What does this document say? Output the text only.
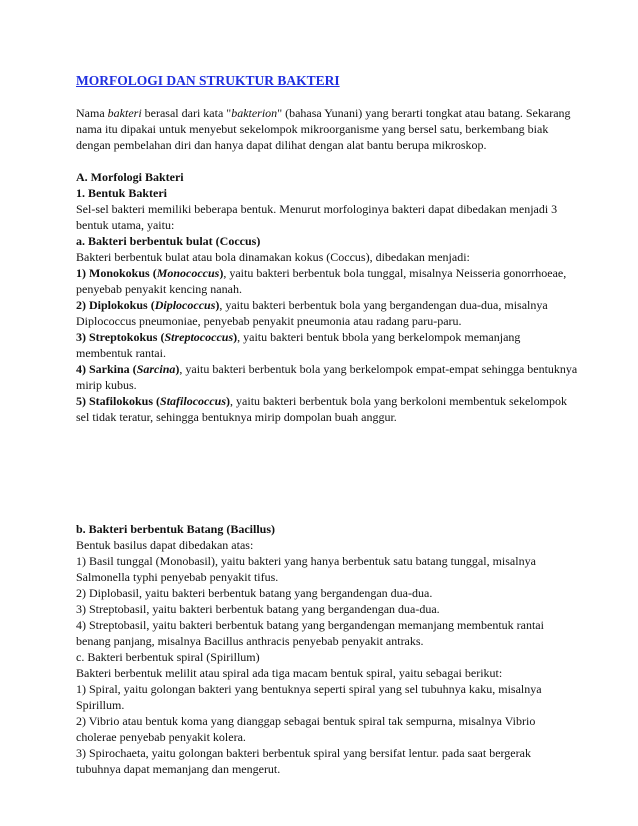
MORFOLOGI DAN STRUKTUR BAKTERI

Nama bakteri berasal dari kata "bakterion" (bahasa Yunani) yang berarti tongkat atau batang. Sekarang nama itu dipakai untuk menyebut sekelompok mikroorganisme yang bersel satu, berkembang biak dengan pembelahan diri dan hanya dapat dilihat dengan alat bantu berupa mikroskop.

A. Morfologi Bakteri

1. Bentuk Bakteri

Sel-sel bakteri memiliki beberapa bentuk. Menurut morfologinya bakteri dapat dibedakan menjadi 3 bentuk utama, yaitu:

a. Bakteri berbentuk bulat (Coccus)

Bakteri berbentuk bulat atau bola dinamakan kokus (Coccus), dibedakan menjadi:

1) Monokokus (Monococcus), yaitu bakteri berbentuk bola tunggal, misalnya Neisseria gonorrhoeae, penyebab penyakit kencing nanah.

2) Diplokokus (Diplococcus), yaitu bakteri berbentuk bola yang bergandengan dua-dua, misalnya Diplococcus pneumoniae, penyebab penyakit pneumonia atau radang paru-paru.

3) Streptokokus (Streptococcus), yaitu bakteri bentuk bbola yang berkelompok memanjang membentuk rantai.

4) Sarkina (Sarcina), yaitu bakteri berbentuk bola yang berkelompok empat-empat sehingga bentuknya mirip kubus.

5) Stafilokokus (Stafilococcus), yaitu bakteri berbentuk bola yang berkoloni membentuk sekelompok sel tidak teratur, sehingga bentuknya mirip dompolan buah anggur.

b. Bakteri berbentuk Batang (Bacillus)

Bentuk basilus dapat dibedakan atas:

1) Basil tunggal (Monobasil), yaitu bakteri yang hanya berbentuk satu batang tunggal, misalnya Salmonella typhi penyebab penyakit tifus.

2) Diplobasil, yaitu bakteri berbentuk batang yang bergandengan dua-dua.

3) Streptobasil, yaitu bakteri berbentuk batang yang bergandengan dua-dua.

4) Streptobasil, yaitu bakteri berbentuk batang yang bergandengan memanjang membentuk rantai benang panjang, misalnya Bacillus anthracis penyebab penyakit antraks.

c. Bakteri berbentuk spiral (Spirillum)

Bakteri berbentuk melilit atau spiral ada tiga macam bentuk spiral, yaitu sebagai berikut:

1) Spiral, yaitu golongan bakteri yang bentuknya seperti spiral yang sel tubuhnya kaku, misalnya Spirillum.

2) Vibrio atau bentuk koma yang dianggap sebagai bentuk spiral tak sempurna, misalnya Vibrio cholerae penyebab penyakit kolera.

3) Spirochaeta, yaitu golongan bakteri berbentuk spiral yang bersifat lentur. pada saat bergerak tubuhnya dapat memanjang dan mengerut.
